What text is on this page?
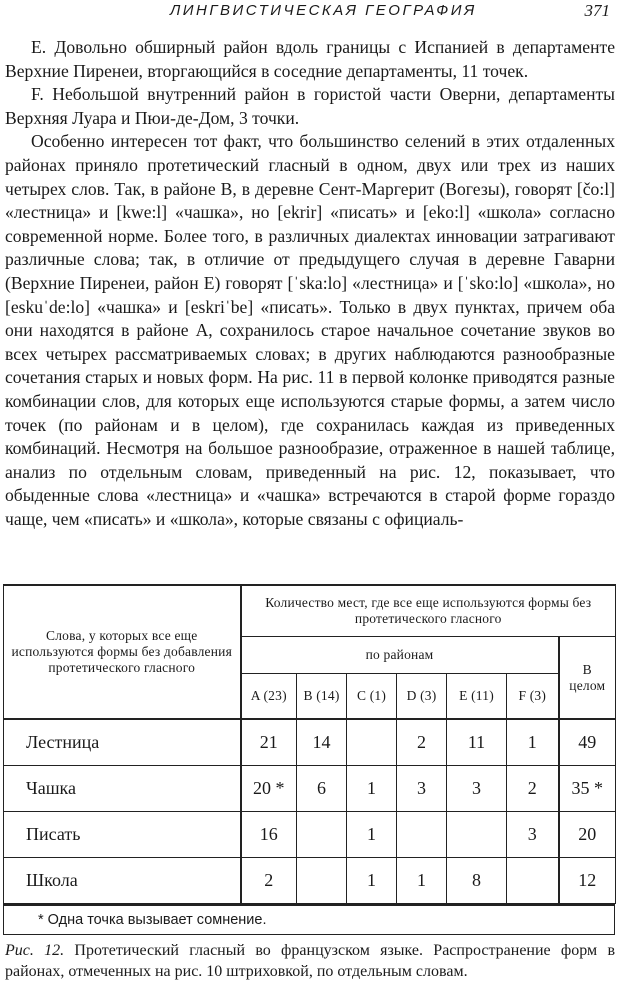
ЛИНГВИСТИЧЕСКАЯ ГЕОГРАФИЯ	371

Е. Довольно обширный район вдоль границы с Испанией в департаменте Верхние Пиренеи, вторгающийся в соседние департаменты, 11 точек.

F. Небольшой внутренний район в гористой части Оверни, департаменты Верхняя Луара и Пюи-де-Дом, 3 точки.

Особенно интересен тот факт, что большинство селений в этих отдаленных районах приняло протетический гласный в одном, двух или трех из наших четырех слов. Так, в районе В, в деревне Сент-Маргерит (Вогезы), говорят [čо:l] «лестница» и [kwe:l] «чашка», но [ekrir] «писать» и [eko:l] «школа» согласно современной норме. Более того, в различных диалектах инновации затрагивают различные слова; так, в отличие от предыдущего случая в деревне Гаварни (Верхние Пиренеи, район Е) говорят [ˈska:lo] «лестница» и [ˈsko:lo] «школа», но [eskuˈde:lo] «чашка» и [eskriˈbe] «писать». Только в двух пунктах, причем оба они находятся в районе А, сохранилось старое начальное сочетание звуков во всех четырех рассматриваемых словах; в других наблюдаются разнообразные сочетания старых и новых форм. На рис. 11 в первой колонке приводятся разные комбинации слов, для которых еще используются старые формы, а затем число точек (по районам и в целом), где сохранилась каждая из приведенных комбинаций. Несмотря на большое разнообразие, отраженное в нашей таблице, анализ по отдельным словам, приведенный на рис. 12, показывает, что обыденные слова «лестница» и «чашка» встречаются в старой форме гораздо чаще, чем «писать» и «школа», которые связаны с официаль-

Слова, у которых все еще используются формы без добавления протетического гласного	Количество мест, где все еще используются формы без протетического гласного						
	по районам						В целом
	A (23)	B (14)	C (1)	D (3)	E (11)	F (3)	
Лестница	21	14		2	11	1	49
Чашка	20 *	6	1	3	3	2	35 *
Писать	16		1			3	20
Школа	2		1	1	8		12
* Одна точка вызывает сомнение.
Рис. 12. Протетический гласный во французском языке. Распространение форм в районах, отмеченных на рис. 10 штриховкой, по отдельным словам.
